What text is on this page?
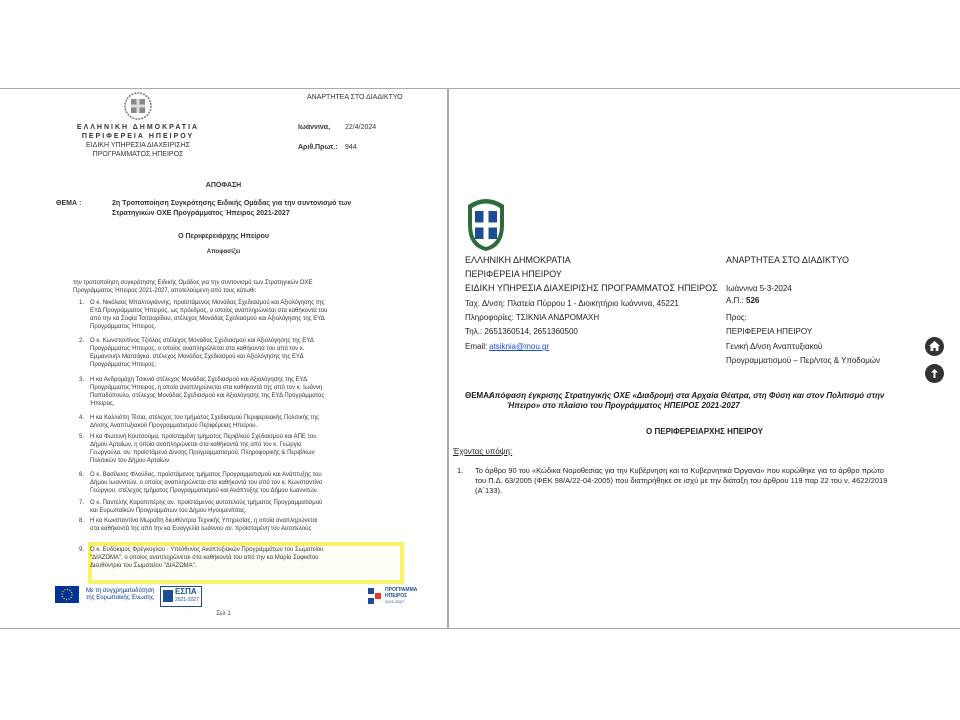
ΑΝΑΡΤΗΤΕΑ ΣΤΟ ΔΙΑΔΙΚΤΥΟ
ΕΛΛΗΝΙΚΗ ΔΗΜΟΚΡΑΤΙΑ
ΠΕΡΙΦΕΡΕΙΑ ΗΠΕΙΡΟΥ
ΕΙΔΙΚΗ ΥΠΗΡΕΣΙΑ ΔΙΑΧΕΙΡΙΣΗΣ
ΠΡΟΓΡΑΜΜΑΤΟΣ ΗΠΕΙΡΟΣ
Ιωάννινα, 22/4/2024
Αριθ.Πρωτ.: 944
ΑΠΟΦΑΣΗ
ΘΕΜΑ :	2η Τροποποίηση Συγκρότησης Ειδικής Ομάδας για την συντονισμό των
Στρατηγικών ΟΧΕ Προγράμματος Ήπειρος 2021-2027
Ο Περιφερειάρχης Ηπείρου
Αποφασίζει
την τροποποίηση συγκρότησης Ειδικής Ομάδας για την συντονισμό των Στρατηγικών ΟΧΕ
Προγράμματος Ήπειρος 2021-2027, αποτελούμενη από τους κάτωθι:
1. Ο κ. Νικόλαος Μπαλτογιάννης, προϊστάμενος Μονάδας Σχεδιασμού και Αξιολόγησης της
ΕΥΔ Προγράμματος Ήπειρος, ως πρόεδρος, ο οποίος αναπληρώνεται στα καθήκοντά του
από την κα Σοφία Τσιτσαρίδου, στέλεχος Μονάδας Σχεδιασμού και Αξιολόγησης της ΕΥΔ
Προγράμματος Ήπειρος.
2. Ο κ. Κωνσταντίνος Τζιόλας στέλεχος Μονάδας Σχεδιασμού και Αξιολόγησης της ΕΥΔ
Προγράμματος Ήπειρος, ο οποίος αναπληρώνεται στα καθήκοντά του από τον κ.
Εμμανουήλ Ματσάγκα, στέλεχος Μονάδας Σχεδιασμού και Αξιολόγησης της ΕΥΔ
Προγράμματος Ήπειρος.
3. Η κα Ανδρομάχη Τσικνιά στέλεχος Μονάδας Σχεδιασμού και Αξιολόγησης της ΕΥΔ
Προγράμματος Ήπειρος, η οποία αναπληρώνεται στα καθήκοντά της από τον κ. Ιωάννη
Παπαδόπουλο, στέλεχος Μονάδας Σχεδιασμού και Αξιολόγησης της ΕΥΔ Προγράμματος
Ήπειρος.
4. Η κα Καλλιόπη Τέσια, στέλεχος του τμήματος Σχεδιασμού Περιφερειακής Πολιτικής της
Δ/νσης Αναπτυξιακού Προγραμματισμού Περιφέρειας Ηπείρου.
5. Η κα Φωτεινή Κουτσούμα, προϊσταμένη τμήματος Περιβ/κού Σχεδιασμού και ΑΠΕ του
Δήμου Αρταίων, η οποία αναπληρώνεται στα καθήκοντά της από τον κ. Γεώργιο
Γεωργούλα, αν. προϊστάμενο Δ/νσης Προγραμματισμού, Πληροφορικής & Περιβ/κων
Πολιτικών του Δήμου Αρταίων.
6. Ο κ. Βασίλειος Φλούδας, προϊστάμενος τμήματος Προγραμματισμού και Ανάπτυξης του
Δήμου Ιωαννιτών, ο οποίος αναπληρώνεται στα καθήκοντά του από τον κ. Κωνσταντίνο
Γεώργιου, στέλεχος τμήματος Προγραμματισμού και Ανάπτυξης του Δήμου Ιωαννιτών.
7. Ο κ. Παντελής Καραπιπέρης αν. προϊστάμενος αυτοτελούς τμήματος Προγραμματισμού
και Ευρωπαϊκών Προγραμμάτων του Δήμου Ηγουμενίτσας.
8. Η κα Κωνσταντίνα Μωραΐτη διευθύντρια Τεχνικής Υπηρεσίας, η οποία αναπληρώνεται
στα καθήκοντά της από την κα Ευαγγελία Ιωάννου αν. προϊσταμένη του Αυτοτελούς
9. Ο κ. Ευδόκιμος Φρέγκογλου - Υπεύθυνος Αναπτυξιακών Προγραμμάτων του Σωματείου
"ΔΙΑΖΩΜΑ", ο οποίος αναπληρώνεται στα καθήκοντά του από την κα Μαρία Σοφικίτου
Διευθύντρια του Σωματείου "ΔΙΑΖΩΜΑ".
Με τη συγχρηματοδότηση
της Ευρωπαϊκής Ένωσης
ΕΣΠΑ
2021-2027
ΠΡΟΓΡΑΜΜΑ
ΗΠΕΙΡΟΣ
2021-2027
Σελ 1
ΕΛΛΗΝΙΚΗ ΔΗΜΟΚΡΑΤΙΑ
ΠΕΡΙΦΕΡΕΙΑ ΗΠΕΙΡΟΥ
ΕΙΔΙΚΗ ΥΠΗΡΕΣΙΑ ΔΙΑΧΕΙΡΙΣΗΣ ΠΡΟΓΡΑΜΜΑΤΟΣ ΗΠΕΙΡΟΣ
Ταχ. Δ/νση: Πλατεία Πύρρου 1 - Διοικητήριο Ιωάννινα, 45221
Πληροφορίες: ΤΣΙΚΝΙΑ ΑΝΔΡΟΜΑΧΗ
Τηλ.: 2651360514, 2651360500
Email: atsiknia@mou.gr
ΑΝΑΡΤΗΤΕΑ ΣΤΟ ΔΙΑΔΙΚΤΥΟ
Ιωάννινα 5-3-2024
Α.Π.: 526
Προς:
ΠΕΡΙΦΕΡΕΙΑ ΗΠΕΙΡΟΥ
Γενική Δ/νση Αναπτυξιακού
Προγραμματισμού – Περ/ντος & Υποδομών
ΘΕΜΑ:
Απόφαση έγκρισης Στρατηγικής ΟΧΕ «Διαδρομή στα Αρχαία Θέατρα, στη Φύση και στον Πολιτισμό στην
Ήπειρο» στο πλαίσιο του Προγράμματος ΗΠΕΙΡΟΣ 2021-2027
Ο ΠΕΡΙΦΕΡΕΙΑΡΧΗΣ ΗΠΕΙΡΟΥ
Έχοντας υπόψη:
1. Το άρθρο 90 του «Κώδικα Νομοθεσίας για την Κυβέρνηση και τα Κυβερνητικά Όργανα» που κυρώθηκε για το άρθρο πρώτο
του Π.Δ. 63/2005 (ΦΕΚ 98/Α/22-04-2005) που διατηρήθηκε σε ισχύ με την διάταξη του άρθρου 119 παρ 22 του ν. 4622/2019
(Α΄133).
